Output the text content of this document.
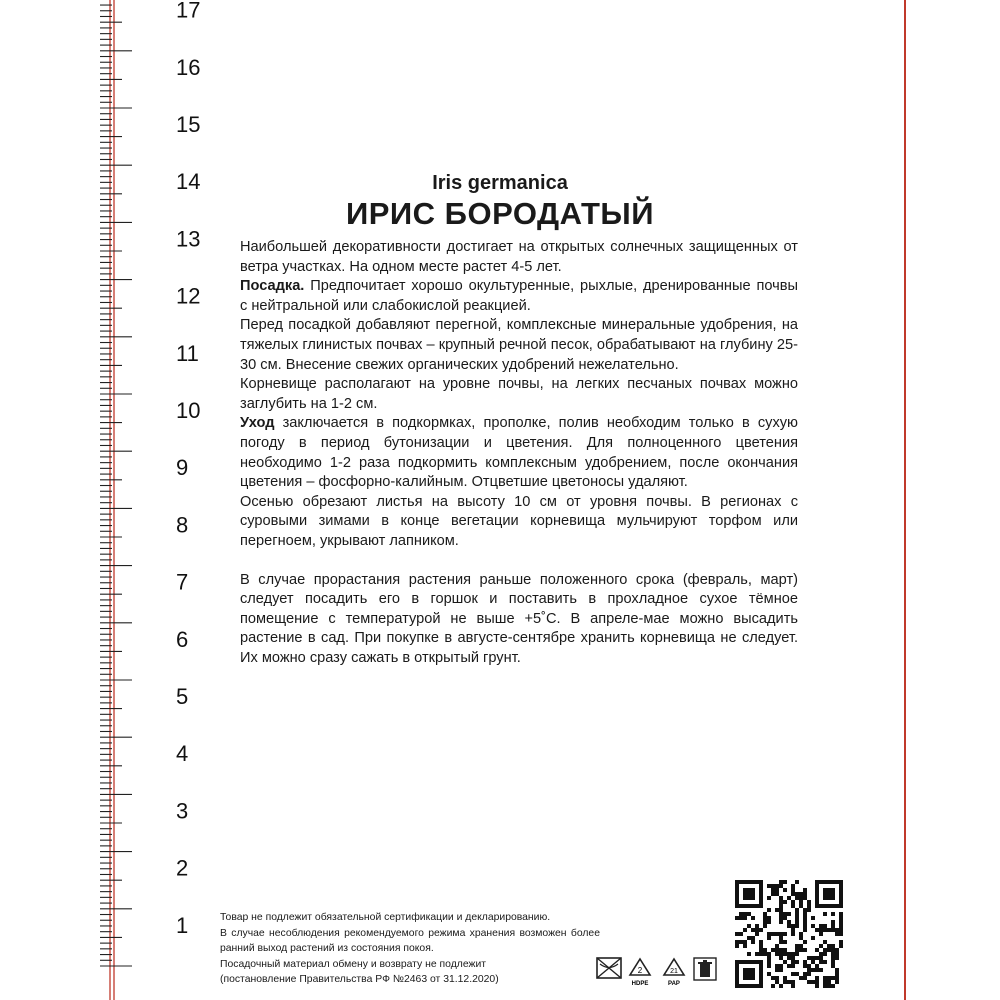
17
16
15
14
13
12
11
10
9
8
7
6
5
4
3
2
1
Iris germanica
ИРИС БОРОДАТЫЙ

Наибольшей декоративности достигает на открытых солнечных защищенных от ветра участках. На одном месте растет 4-5 лет.

Посадка. Предпочитает хорошо окультуренные, рыхлые, дренированные почвы с нейтральной или слабокислой реакцией.

Перед посадкой добавляют перегной, комплексные минеральные удобрения, на тяжелых глинистых почвах – крупный речной песок, обрабатывают на глубину 25-30 см. Внесение свежих органических удобрений нежелательно.

Корневище располагают на уровне почвы, на легких песчаных почвах можно заглубить на 1-2 см.

Уход заключается в подкормках, прополке, полив необходим только в сухую погоду в период бутонизации и цветения. Для полноценного цветения необходимо 1-2 раза подкормить комплексным удобрением, после окончания цветения – фосфорно-калийным. Отцветшие цветоносы удаляют.

Осенью обрезают листья на высоту 10 см от уровня почвы. В регионах с суровыми зимами в конце вегетации корневища мульчируют торфом или перегноем, укрывают лапником.

В случае прорастания растения раньше положенного срока (февраль, март) следует посадить его в горшок и поставить в прохладное сухое тёмное помещение с температурой не выше +5˚С. В апреле-мае можно высадить растение в сад. При покупке в августе-сентябре хранить корневища не следует. Их можно сразу сажать в открытый грунт.

Товар не подлежит обязательной сертификации и декларированию.

В случае несоблюдения рекомендуемого режима хранения возможен более ранний выход растений из состояния покоя.

Посадочный материал обмену и возврату не подлежит

(постановление Правительства РФ №2463 от 31.12.2020)

2
HDPE
21
PAP
